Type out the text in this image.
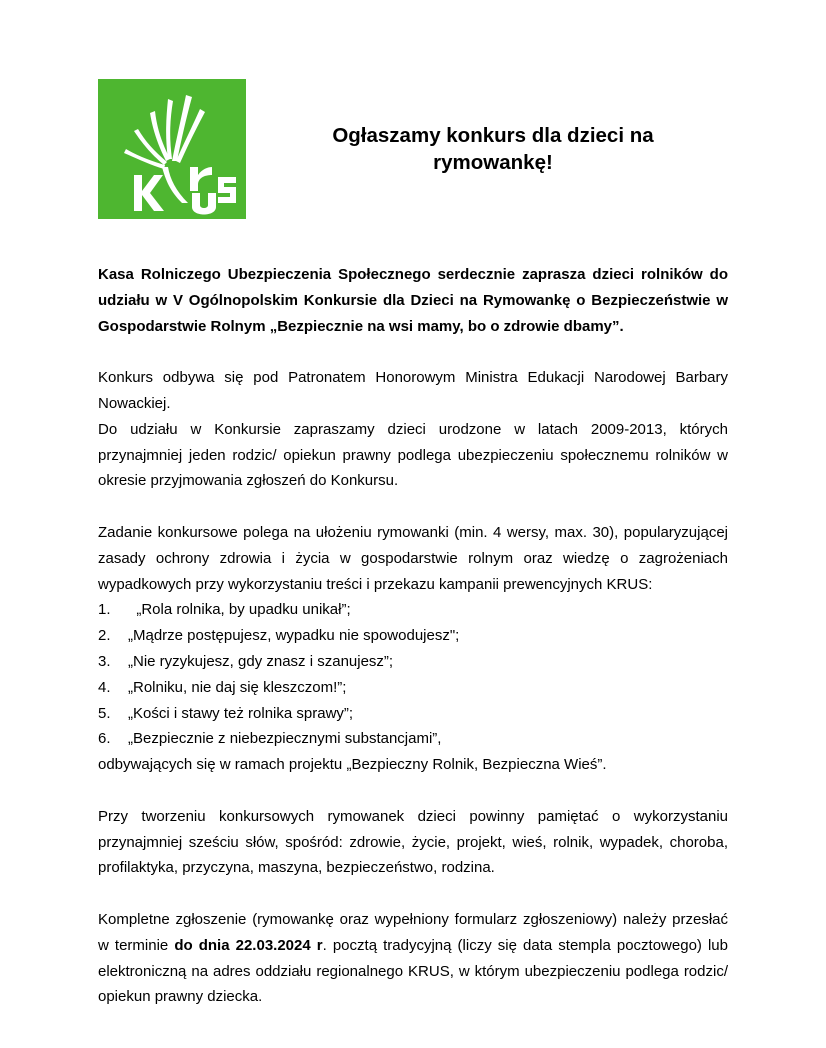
Ogłaszamy konkurs dla dzieci na rymowankę!

Kasa Rolniczego Ubezpieczenia Społecznego serdecznie zaprasza dzieci rolników do udziału w V Ogólnopolskim Konkursie dla Dzieci na Rymowankę o Bezpieczeństwie w Gospodarstwie Rolnym „Bezpiecznie na wsi mamy, bo o zdrowie dbamy”.

Konkurs odbywa się pod Patronatem Honorowym Ministra Edukacji Narodowej Barbary Nowackiej.

Do udziału w Konkursie zapraszamy dzieci urodzone w latach 2009-2013, których przynajmniej jeden rodzic/ opiekun prawny podlega ubezpieczeniu społecznemu rolników w okresie przyjmowania zgłoszeń do Konkursu.

Zadanie konkursowe polega na ułożeniu rymowanki (min. 4 wersy, max. 30), popularyzującej zasady ochrony zdrowia i życia w gospodarstwie rolnym oraz wiedzę o zagrożeniach wypadkowych przy wykorzystaniu treści i przekazu kampanii prewencyjnych KRUS:

1.	„Rola rolnika, by upadku unikał”;
2.	„Mądrze postępujesz, wypadku nie spowodujesz";
3.	„Nie ryzykujesz, gdy znasz i szanujesz”;
4.	„Rolniku, nie daj się kleszczom!”;
5.	„Kości i stawy też rolnika sprawy”;
6.	„Bezpiecznie z niebezpiecznymi substancjami”,

odbywających się w ramach projektu „Bezpieczny Rolnik, Bezpieczna Wieś”.

Przy tworzeniu konkursowych rymowanek dzieci powinny pamiętać o wykorzystaniu przynajmniej sześciu słów, spośród: zdrowie, życie, projekt, wieś, rolnik, wypadek, choroba, profilaktyka, przyczyna, maszyna, bezpieczeństwo, rodzina.

Kompletne zgłoszenie (rymowankę oraz wypełniony formularz zgłoszeniowy) należy przesłać w terminie do dnia 22.03.2024 r. pocztą tradycyjną (liczy się data stempla pocztowego) lub elektroniczną na adres oddziału regionalnego KRUS, w którym ubezpieczeniu podlega rodzic/ opiekun prawny dziecka.
